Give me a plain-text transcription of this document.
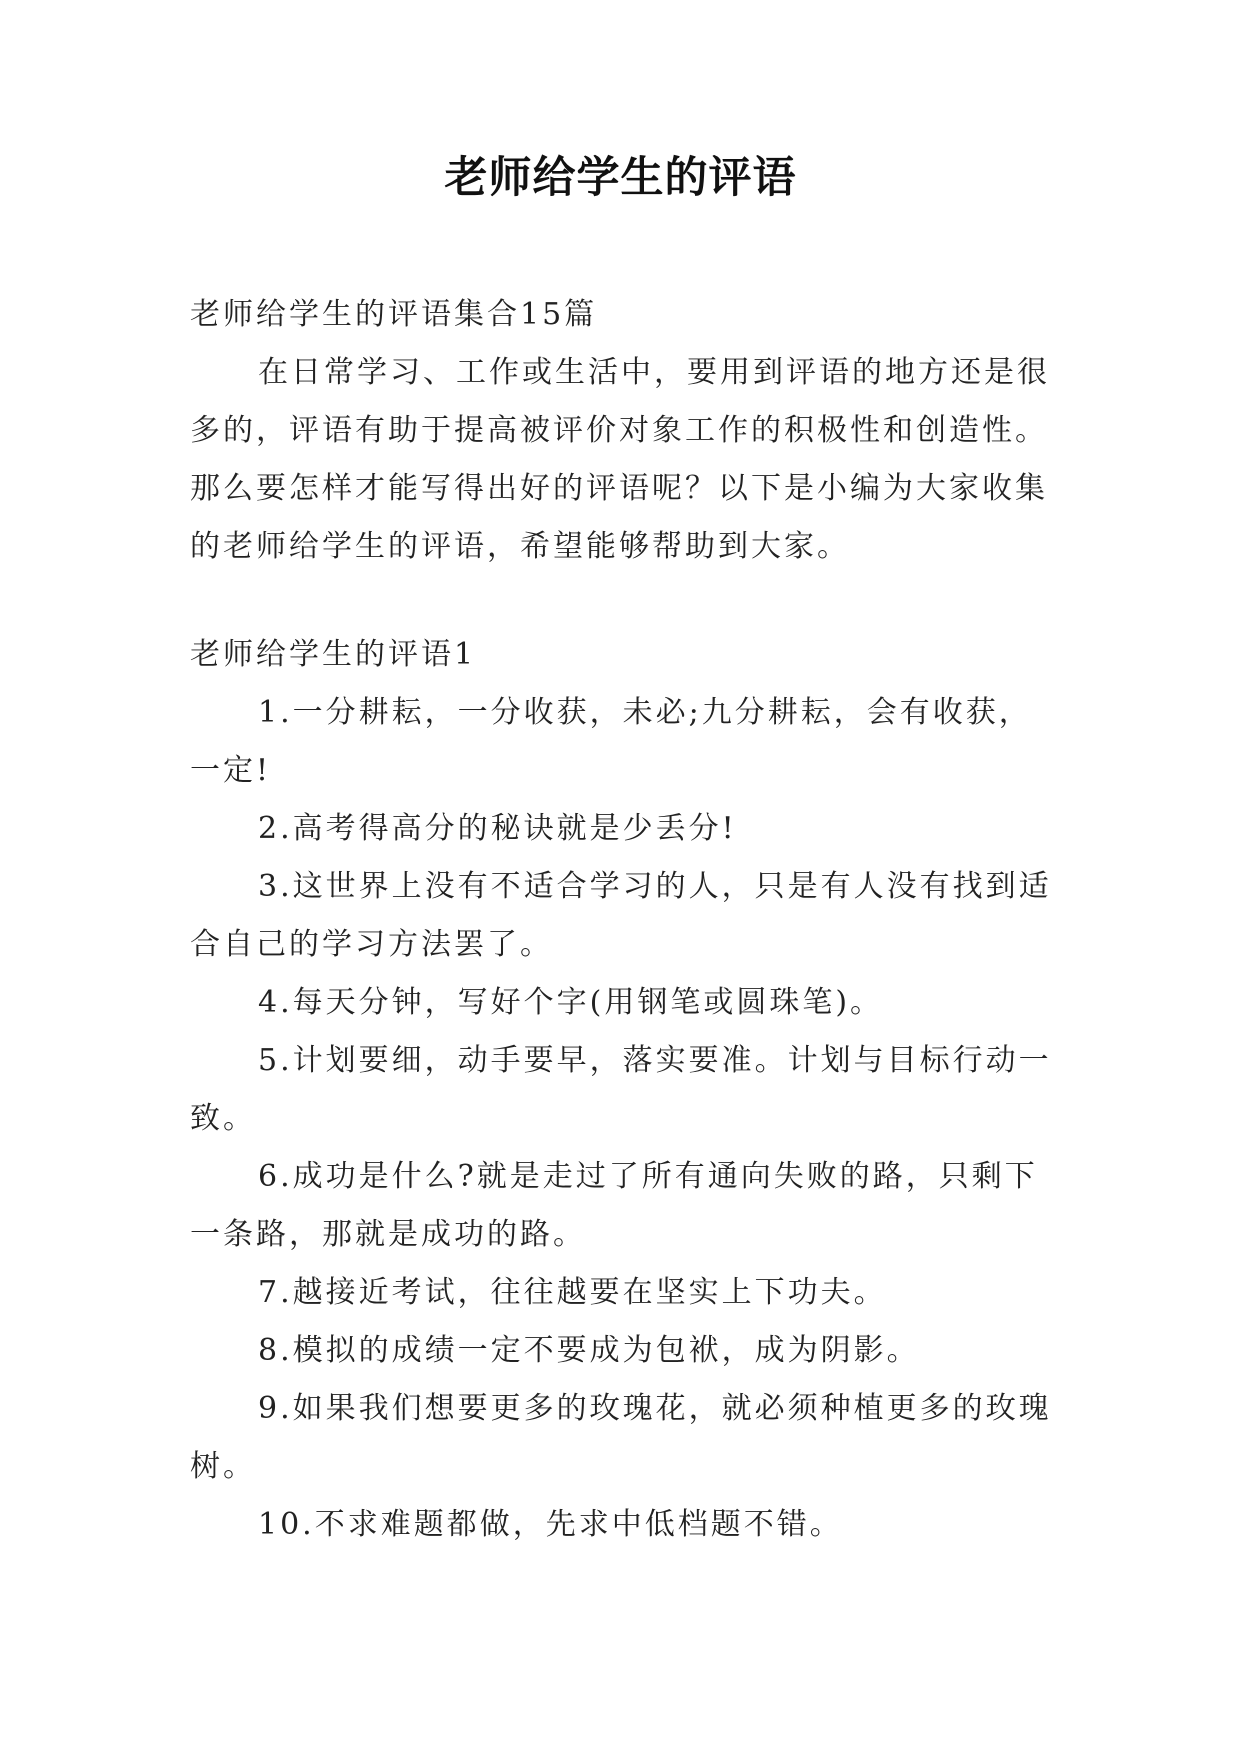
老师给学生的评语

老师给学生的评语集合15篇

在日常学习、工作或生活中，要用到评语的地方还是很多的，评语有助于提高被评价对象工作的积极性和创造性。那么要怎样才能写得出好的评语呢？以下是小编为大家收集的老师给学生的评语，希望能够帮助到大家。

老师给学生的评语1

1.一分耕耘，一分收获，未必;九分耕耘，会有收获，一定!

2.高考得高分的秘诀就是少丢分!

3.这世界上没有不适合学习的人，只是有人没有找到适合自己的学习方法罢了。

4.每天分钟，写好个字(用钢笔或圆珠笔)。

5.计划要细，动手要早，落实要准。计划与目标行动一致。

6.成功是什么?就是走过了所有通向失败的路，只剩下一条路，那就是成功的路。

7.越接近考试，往往越要在坚实上下功夫。

8.模拟的成绩一定不要成为包袱，成为阴影。

9.如果我们想要更多的玫瑰花，就必须种植更多的玫瑰树。

10.不求难题都做，先求中低档题不错。
